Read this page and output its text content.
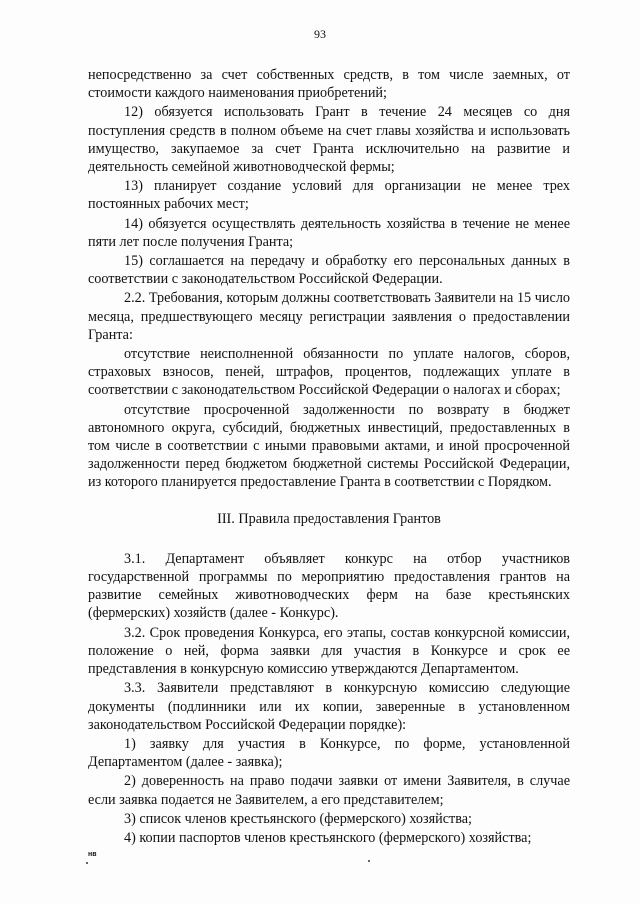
93

непосредственно за счет собственных средств, в том числе заемных, от стоимости каждого наименования приобретений;

12) обязуется использовать Грант в течение 24 месяцев со дня поступления средств в полном объеме на счет главы хозяйства и использовать имущество, закупаемое за счет Гранта исключительно на развитие и деятельность семейной животноводческой фермы;

13) планирует создание условий для организации не менее трех постоянных рабочих мест;

14) обязуется осуществлять деятельность хозяйства в течение не менее пяти лет после получения Гранта;

15) соглашается на передачу и обработку его персональных данных в соответствии с законодательством Российской Федерации.

2.2. Требования, которым должны соответствовать Заявители на 15 число месяца, предшествующего месяцу регистрации заявления о предоставлении Гранта:

отсутствие неисполненной обязанности по уплате налогов, сборов, страховых взносов, пеней, штрафов, процентов, подлежащих уплате в соответствии с законодательством Российской Федерации о налогах и сборах;

отсутствие просроченной задолженности по возврату в бюджет автономного округа, субсидий, бюджетных инвестиций, предоставленных в том числе в соответствии с иными правовыми актами, и иной просроченной задолженности перед бюджетом бюджетной системы Российской Федерации, из которого планируется предоставление Гранта в соответствии с Порядком.

III. Правила предоставления Грантов

3.1. Департамент объявляет конкурс на отбор участников государственной программы по мероприятию предоставления грантов на развитие семейных животноводческих ферм на базе крестьянских (фермерских) хозяйств (далее - Конкурс).

3.2. Срок проведения Конкурса, его этапы, состав конкурсной комиссии, положение о ней, форма заявки для участия в Конкурсе и срок ее представления в конкурсную комиссию утверждаются Департаментом.

3.3. Заявители представляют в конкурсную комиссию следующие документы (подлинники или их копии, заверенные в установленном законодательством Российской Федерации порядке):

1) заявку для участия в Конкурсе, по форме, установленной Департаментом (далее - заявка);

2) доверенность на право подачи заявки от имени Заявителя, в случае если заявка подается не Заявителем, а его представителем;

3) список членов крестьянского (фермерского) хозяйства;

4) копии паспортов членов крестьянского (фермерского) хозяйства;

нв
